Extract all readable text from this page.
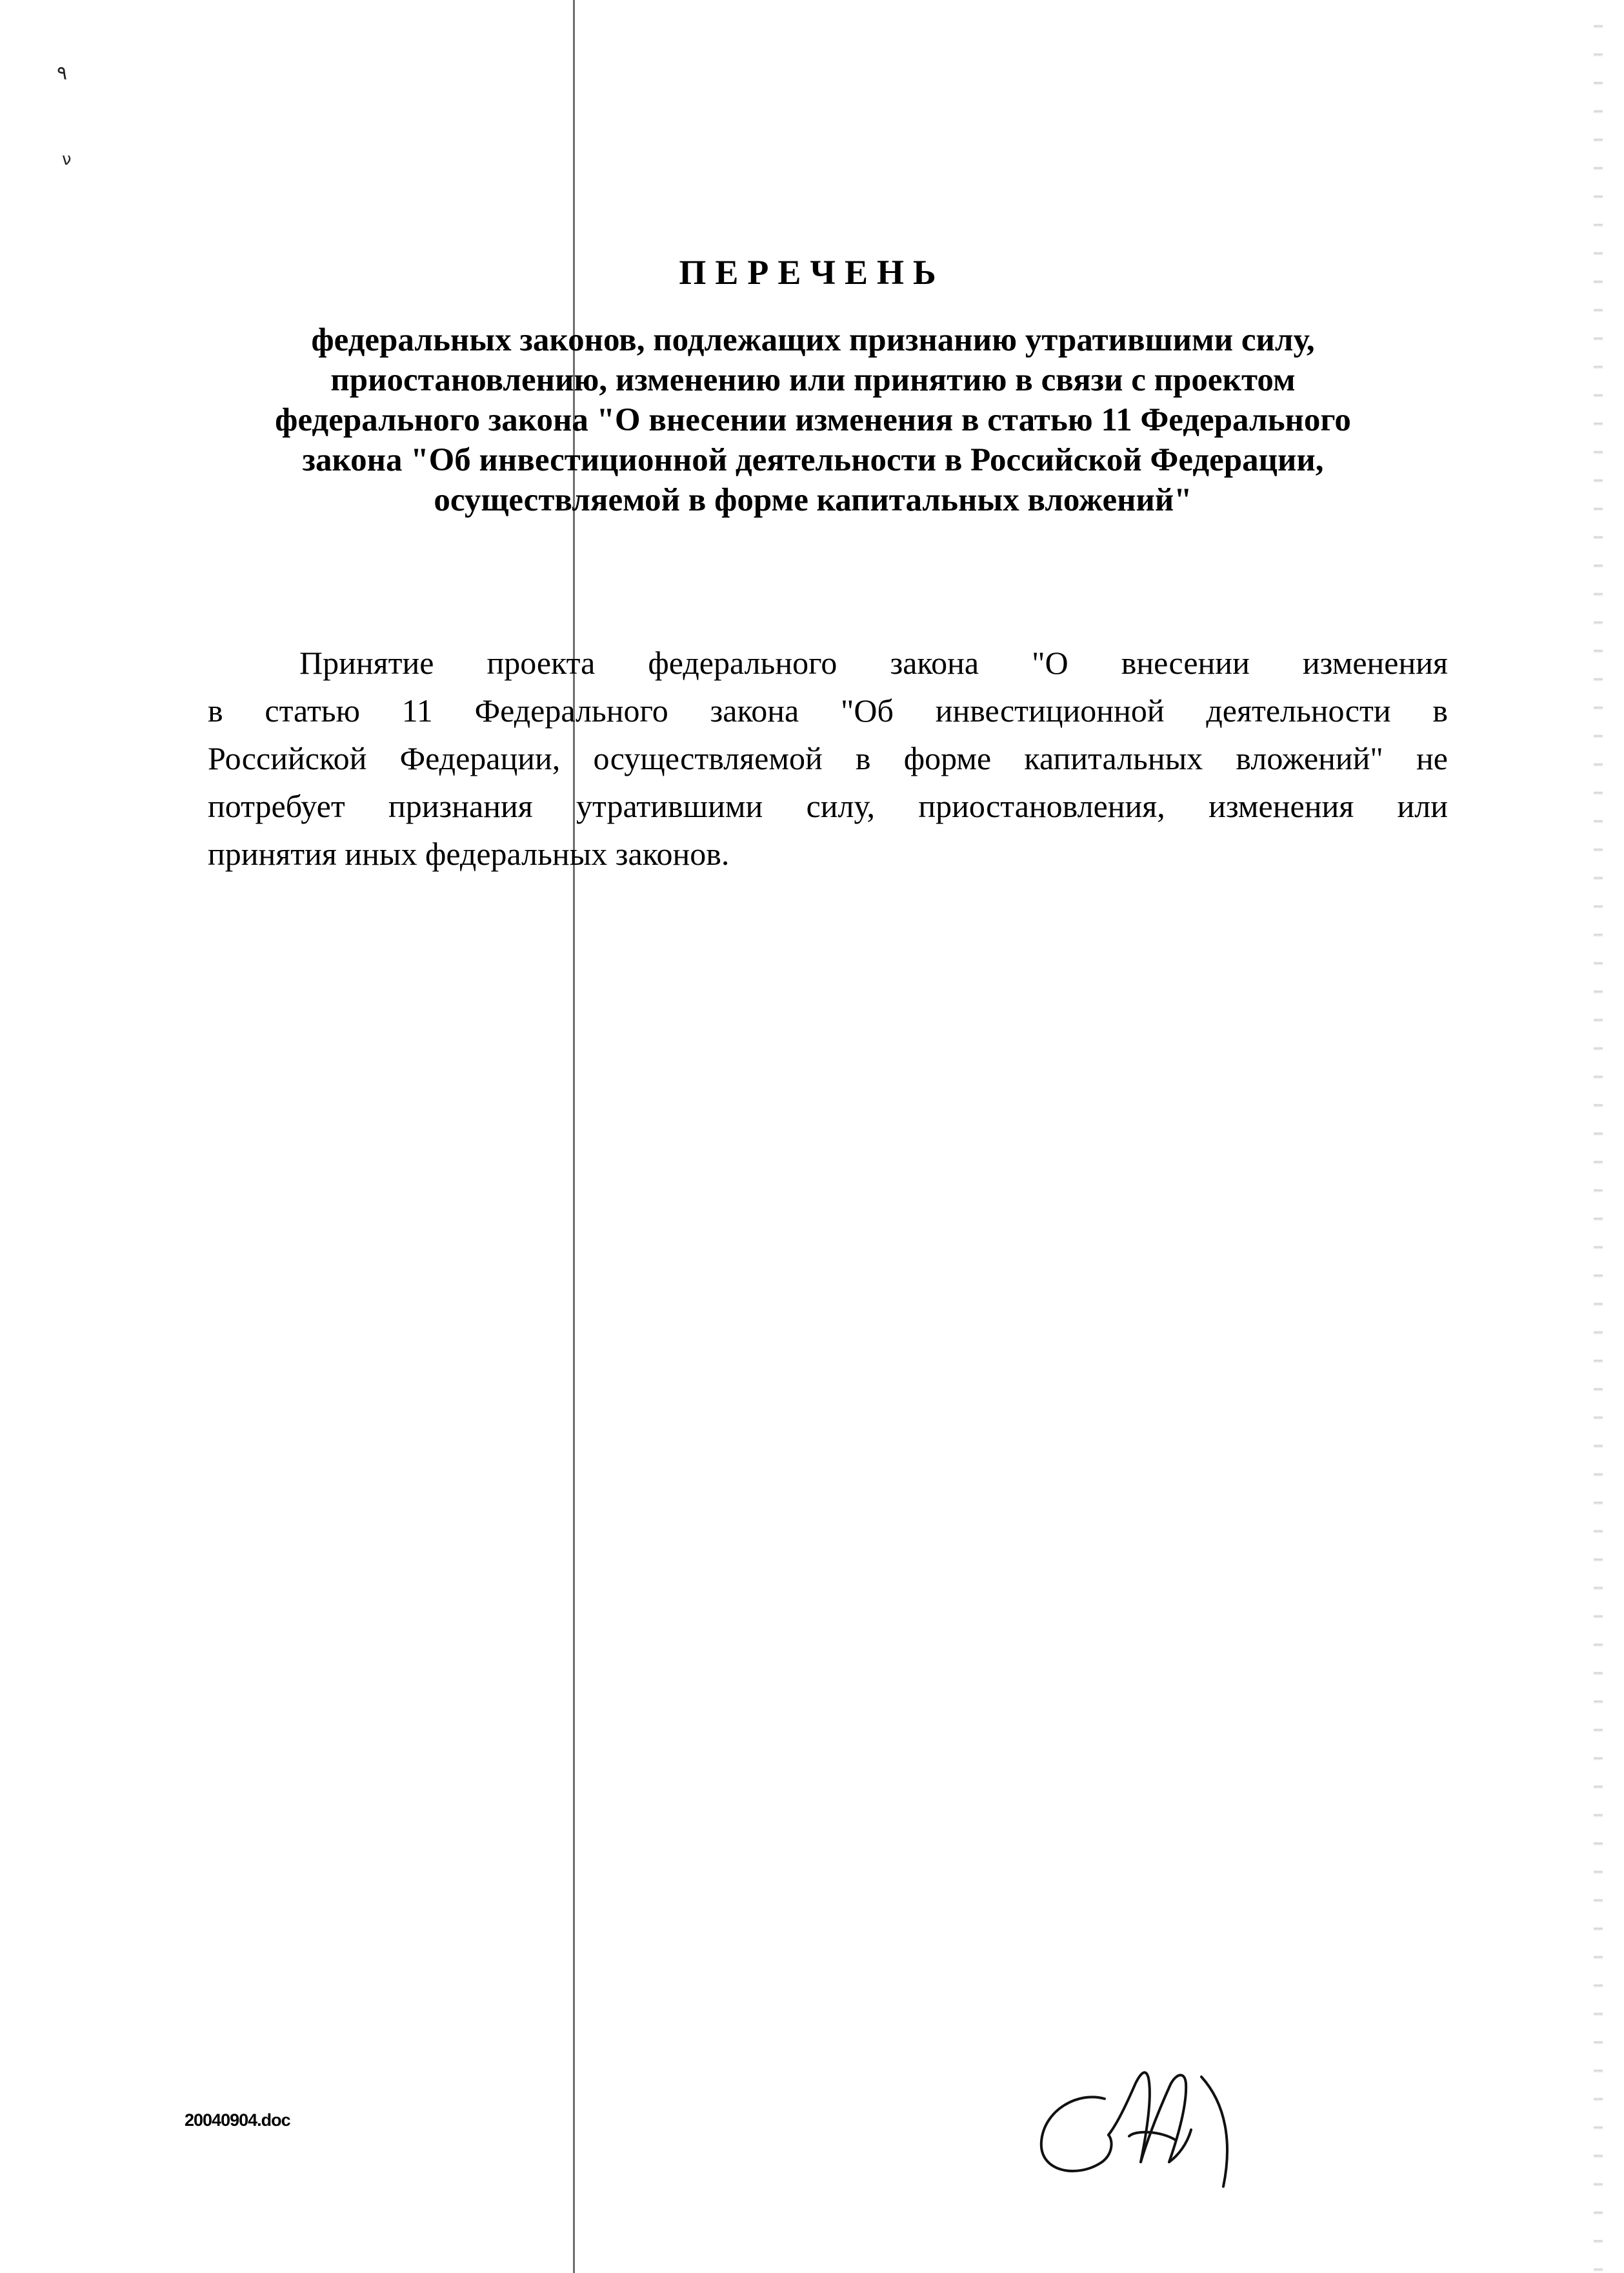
۹
ν
ПЕРЕЧЕНЬ
федеральных законов, подлежащих признанию утратившими силу,
приостановлению, изменению или принятию в связи с проектом
федерального закона "О внесении изменения в статью 11 Федерального
закона "Об инвестиционной деятельности в Российской Федерации,
осуществляемой в форме капитальных вложений"
Принятие проекта федерального закона "О внесении изменения
в статью 11 Федерального закона "Об инвестиционной деятельности в
Российской Федерации, осуществляемой в форме капитальных вложений" не
потребует признания утратившими силу, приостановления, изменения или
принятия иных федеральных законов.
20040904.doc
